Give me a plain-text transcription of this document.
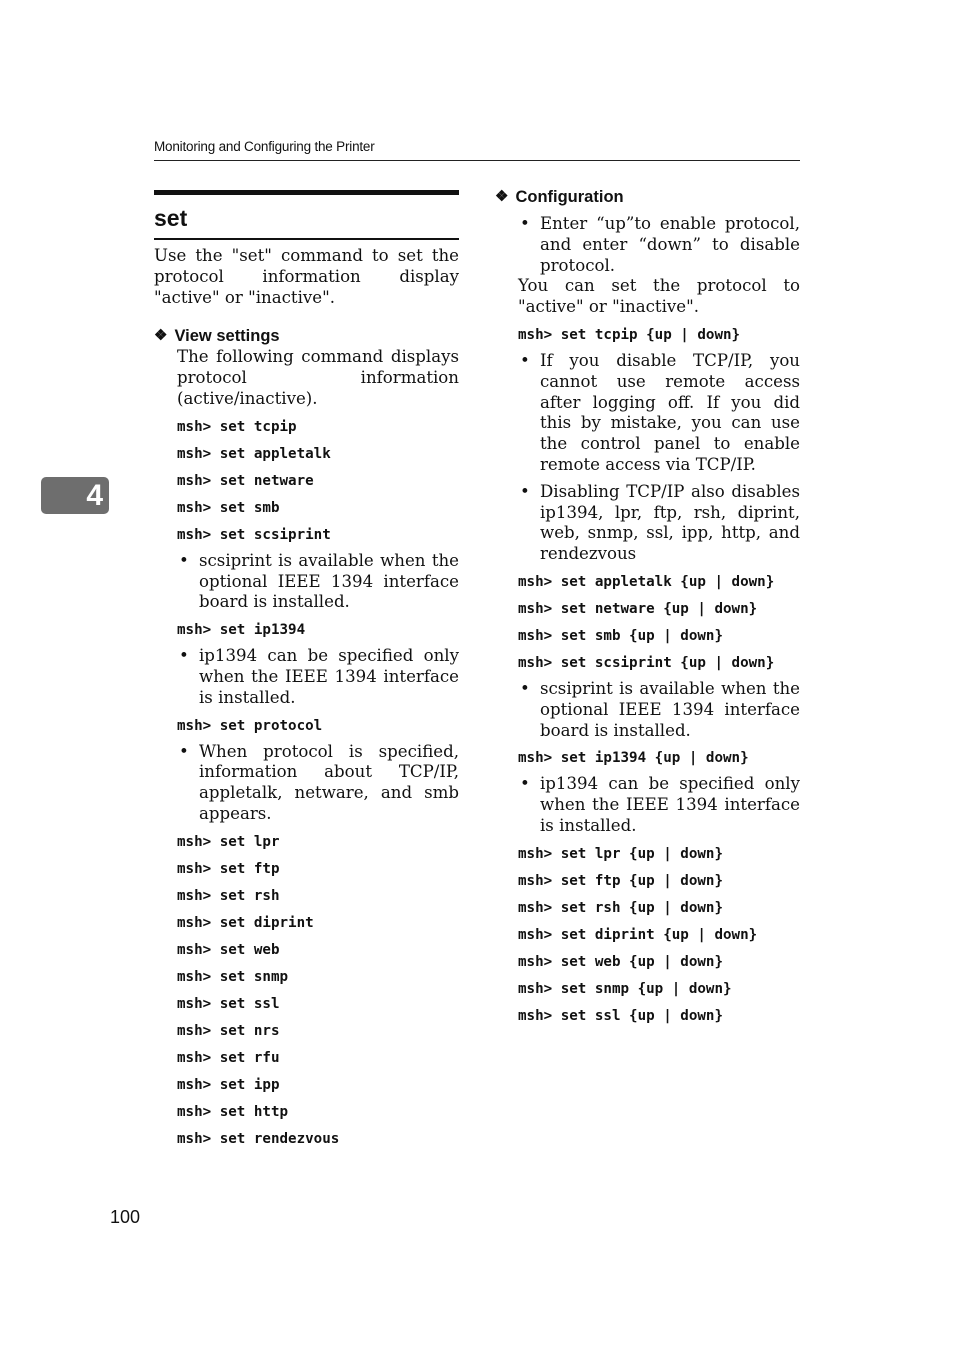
Monitoring and Configuring the Printer
4
set

Use the "set" command to set the protocol information display "active" or "inactive".

❖ View settings

The following command displays protocol information (active/inactive).

msh> set tcpip
msh> set appletalk
msh> set netware
msh> set smb
msh> set scsiprint
• scsiprint is available when the optional IEEE 1394 interface board is installed.
msh> set ip1394
• ip1394 can be specified only when the IEEE 1394 interface is installed.
msh> set protocol
• When protocol is specified, information about TCP/IP, appletalk, netware, and smb appears.
msh> set lpr
msh> set ftp
msh> set rsh
msh> set diprint
msh> set web
msh> set snmp
msh> set ssl
msh> set nrs
msh> set rfu
msh> set ipp
msh> set http
msh> set rendezvous
❖ Configuration
• Enter “up”to enable protocol, and enter “down” to disable protocol.

You can set the protocol to "active" or "inactive".

msh> set tcpip {up | down}
• If you disable TCP/IP, you cannot use remote access after logging off. If you did this by mistake, you can use the control panel to enable remote access via TCP/IP.
• Disabling TCP/IP also disables ip1394, lpr, ftp, rsh, diprint, web, snmp, ssl, ipp, http, and rendezvous
msh> set appletalk {up | down}
msh> set netware {up | down}
msh> set smb {up | down}
msh> set scsiprint {up | down}
• scsiprint is available when the optional IEEE 1394 interface board is installed.
msh> set ip1394 {up | down}
• ip1394 can be specified only when the IEEE 1394 interface is installed.
msh> set lpr {up | down}
msh> set ftp {up | down}
msh> set rsh {up | down}
msh> set diprint {up | down}
msh> set web {up | down}
msh> set snmp {up | down}
msh> set ssl {up | down}
100
